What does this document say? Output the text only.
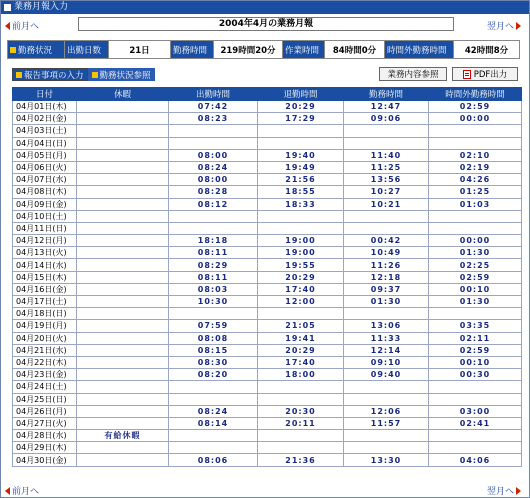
業務月報入力
前月へ	2004年4月の業務月報	翌月へ
勤務状況 出勤日数	21日	勤務時間	219時間20分	作業時間	84時間0分	時間外勤務時間	42時間8分
報告事項の入力 勤務状況参照	業務内容参照	PDF出力
日付	休暇	出勤時間	退勤時間	勤務時間	時間外勤務時間
04月01日(木)		07:42	20:29	12:47	02:59
04月02日(金)		08:23	17:29	09:06	00:00
04月03日(土)					
04月04日(日)					
04月05日(月)		08:00	19:40	11:40	02:10
04月06日(火)		08:24	19:49	11:25	02:19
04月07日(水)		08:00	21:56	13:56	04:26
04月08日(木)		08:28	18:55	10:27	01:25
04月09日(金)		08:12	18:33	10:21	01:03
04月10日(土)					
04月11日(日)					
04月12日(月)		18:18	19:00	00:42	00:00
04月13日(火)		08:11	19:00	10:49	01:30
04月14日(水)		08:29	19:55	11:26	02:25
04月15日(木)		08:11	20:29	12:18	02:59
04月16日(金)		08:03	17:40	09:37	00:10
04月17日(土)		10:30	12:00	01:30	01:30
04月18日(日)					
04月19日(月)		07:59	21:05	13:06	03:35
04月20日(火)		08:08	19:41	11:33	02:11
04月21日(水)		08:15	20:29	12:14	02:59
04月22日(木)		08:30	17:40	09:10	00:10
04月23日(金)		08:20	18:00	09:40	00:30
04月24日(土)					
04月25日(日)					
04月26日(月)		08:24	20:30	12:06	03:00
04月27日(火)		08:14	20:11	11:57	02:41
04月28日(水)	有給休暇				
04月29日(木)					
04月30日(金)		08:06	21:36	13:30	04:06
前月へ	翌月へ
